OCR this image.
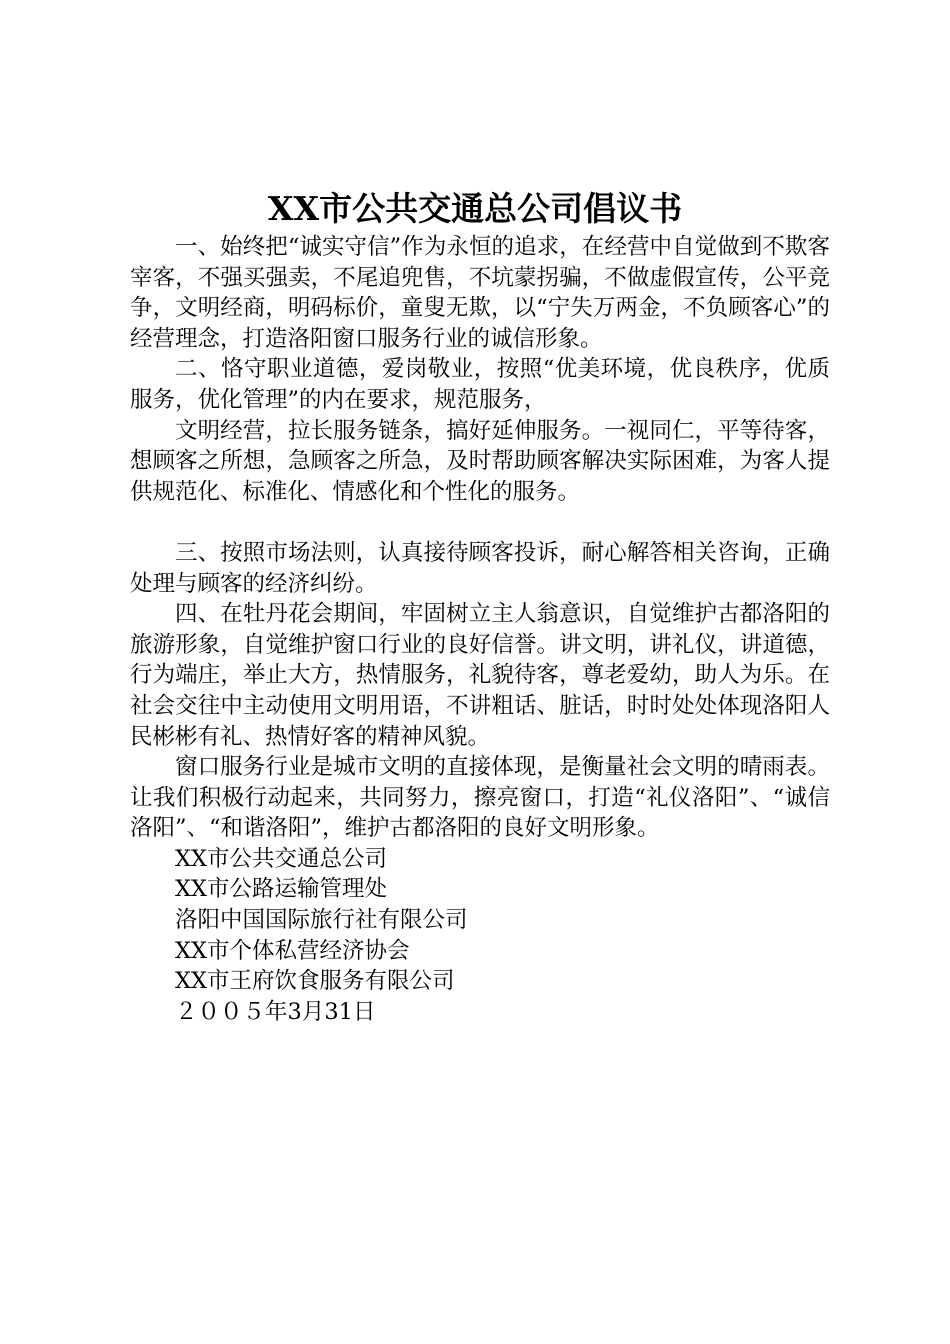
XX市公共交通总公司倡议书

一、始终把“诚实守信”作为永恒的追求，在经营中自觉做到不欺客宰客，不强买强卖，不尾追兜售，不坑蒙拐骗，不做虚假宣传，公平竞争，文明经商，明码标价，童叟无欺，以“宁失万两金，不负顾客心”的经营理念，打造洛阳窗口服务行业的诚信形象。

二、恪守职业道德，爱岗敬业，按照“优美环境，优良秩序，优质服务，优化管理”的内在要求，规范服务，

文明经营，拉长服务链条，搞好延伸服务。一视同仁，平等待客，想顾客之所想，急顾客之所急，及时帮助顾客解决实际困难，为客人提供规范化、标准化、情感化和个性化的服务。

三、按照市场法则，认真接待顾客投诉，耐心解答相关咨询，正确处理与顾客的经济纠纷。

四、在牡丹花会期间，牢固树立主人翁意识，自觉维护古都洛阳的旅游形象，自觉维护窗口行业的良好信誉。讲文明，讲礼仪，讲道德，行为端庄，举止大方，热情服务，礼貌待客，尊老爱幼，助人为乐。在社会交往中主动使用文明用语，不讲粗话、脏话，时时处处体现洛阳人民彬彬有礼、热情好客的精神风貌。

窗口服务行业是城市文明的直接体现，是衡量社会文明的晴雨表。让我们积极行动起来，共同努力，擦亮窗口，打造“礼仪洛阳”、“诚信洛阳”、“和谐洛阳”，维护古都洛阳的良好文明形象。

XX市公共交通总公司

XX市公路运输管理处

洛阳中国国际旅行社有限公司

XX市个体私营经济协会

XX市王府饮食服务有限公司

２００５年3月31日
